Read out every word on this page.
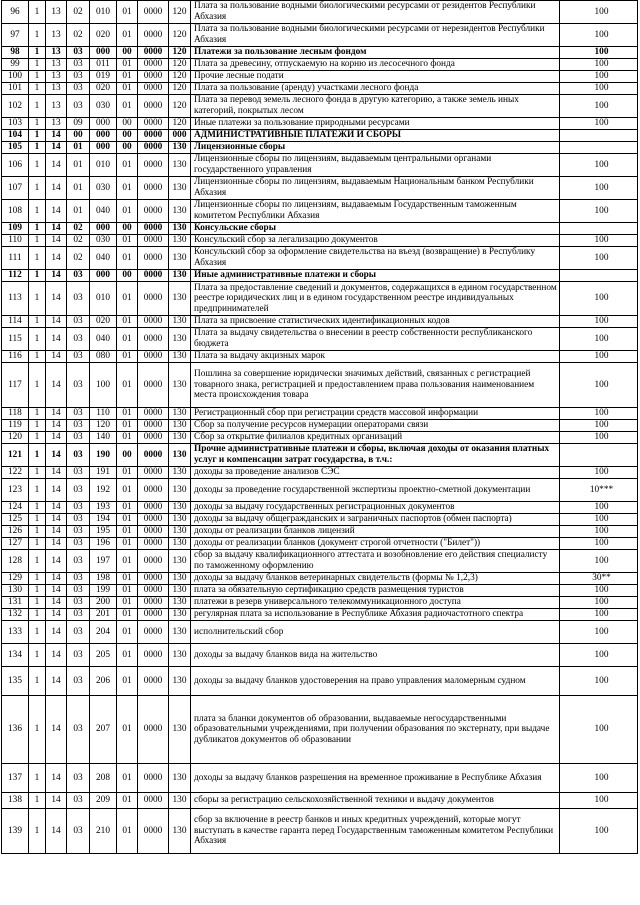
96	1	13	02	010	01	0000	120	Плата за пользование водными биологическими ресурсами от резидентов Республики Абхазия	100
97	1	13	02	020	01	0000	120	Плата за пользование водными биологическими ресурсами от нерезидентов Республики Абхазия	100
98	1	13	03	000	00	0000	120	Платежи за пользование лесным фондом	100
99	1	13	03	011	01	0000	120	Плата за древесину, отпускаемую на корню из лесосечного фонда	100
100	1	13	03	019	01	0000	120	Прочие лесные подати	100
101	1	13	03	020	01	0000	120	Плата за пользование (аренду) участками лесного фонда	100
102	1	13	03	030	01	0000	120	Плата за перевод земель лесного фонда в другую категорию, а также земель иных категорий, покрытых лесом	100
103	1	13	09	000	00	0000	120	Иные платежи за пользование природными ресурсами	100
104	1	14	00	000	00	0000	000	АДМИНИСТРАТИВНЫЕ ПЛАТЕЖИ И СБОРЫ	
105	1	14	01	000	00	0000	130	Лицензионные сборы	
106	1	14	01	010	01	0000	130	Лицензионные сборы по лицензиям, выдаваемым центральными органами государственного управления	100
107	1	14	01	030	01	0000	130	Лицензионные сборы по лицензиям, выдаваемым Национальным банком Республики Абхазия	100
108	1	14	01	040	01	0000	130	Лицензионные сборы по лицензиям, выдаваемым Государственным таможенным комитетом Республики Абхазия	100
109	1	14	02	000	00	0000	130	Консульские сборы	
110	1	14	02	030	01	0000	130	Консульский сбор за легализацию документов	100
111	1	14	02	040	01	0000	130	Консульский сбор за оформление свидетельства на въезд (возвращение) в Республику Абхазия	100
112	1	14	03	000	00	0000	130	Иные административные платежи и сборы	
113	1	14	03	010	01	0000	130	Плата за предоставление сведений и документов, содержащихся в едином государственном реестре юридических лиц и в едином государственном реестре индивидуальных предпринимателей	100
114	1	14	03	020	01	0000	130	Плата за присвоение статистических идентификационных кодов	100
115	1	14	03	040	01	0000	130	Плата за выдачу свидетельства о внесении в реестр собственности республиканского бюджета	100
116	1	14	03	080	01	0000	130	Плата за выдачу акцизных марок	100
117	1	14	03	100	01	0000	130	Пошлина за совершение юридически значимых действий, связанных с регистрацией товарного знака, регистрацией и предоставлением права пользования наименованием места происхождения товара	100
118	1	14	03	110	01	0000	130	Регистрационный сбор при регистрации средств массовой информации	100
119	1	14	03	120	01	0000	130	Сбор за получение ресурсов нумерации операторами связи	100
120	1	14	03	140	01	0000	130	Сбор за открытие филиалов кредитных организаций	100
121	1	14	03	190	00	0000	130	Прочие административные платежи и сборы, включая доходы от оказания платных услуг и компенсации затрат государства, в т.ч.:	
122	1	14	03	191	01	0000	130	доходы за проведение анализов СЭС	100
123	1	14	03	192	01	0000	130	доходы за проведение государственной экспертизы проектно-сметной документации	10***
124	1	14	03	193	01	0000	130	доходы за выдачу государственных регистрационных документов	100
125	1	14	03	194	01	0000	130	доходы за выдачу общегражданских и заграничных паспортов (обмен паспорта)	100
126	1	14	03	195	01	0000	130	доходы от реализации бланков лицензий	100
127	1	14	03	196	01	0000	130	доходы от реализации бланков (документ строгой отчетности ("Билет"))	100
128	1	14	03	197	01	0000	130	сбор за выдачу квалификационного аттестата и возобновление его действия специалисту по таможенному оформлению	100
129	1	14	03	198	01	0000	130	доходы за выдачу бланков ветеринарных свидетельств (формы № 1,2,3)	30**
130	1	14	03	199	01	0000	130	плата за обязательную сертификацию средств размещения туристов	100
131	1	14	03	200	01	0000	130	платежи в резерв универсального телекоммуникационного доступа	100
132	1	14	03	201	01	0000	130	регулярная плата за использование в Республике Абхазия радиочастотного спектра	100
133	1	14	03	204	01	0000	130	исполнительский сбор	100
134	1	14	03	205	01	0000	130	доходы за выдачу бланков вида на жительство	100
135	1	14	03	206	01	0000	130	доходы за выдачу бланков удостоверения на право управления маломерным судном	100
136	1	14	03	207	01	0000	130	плата за бланки документов об образовании, выдаваемые негосударственными образовательными учреждениями, при получении образования по экстернату, при выдаче дубликатов документов об образовании	100
137	1	14	03	208	01	0000	130	доходы за выдачу бланков разрешения на временное проживание в Республике Абхазия	100
138	1	14	03	209	01	0000	130	сборы за регистрацию сельскохозяйственной техники и выдачу документов	100
139	1	14	03	210	01	0000	130	сбор за включение в реестр банков и иных кредитных учреждений, которые могут выступать в качестве гаранта перед Государственным таможенным комитетом Республики Абхазия	100
